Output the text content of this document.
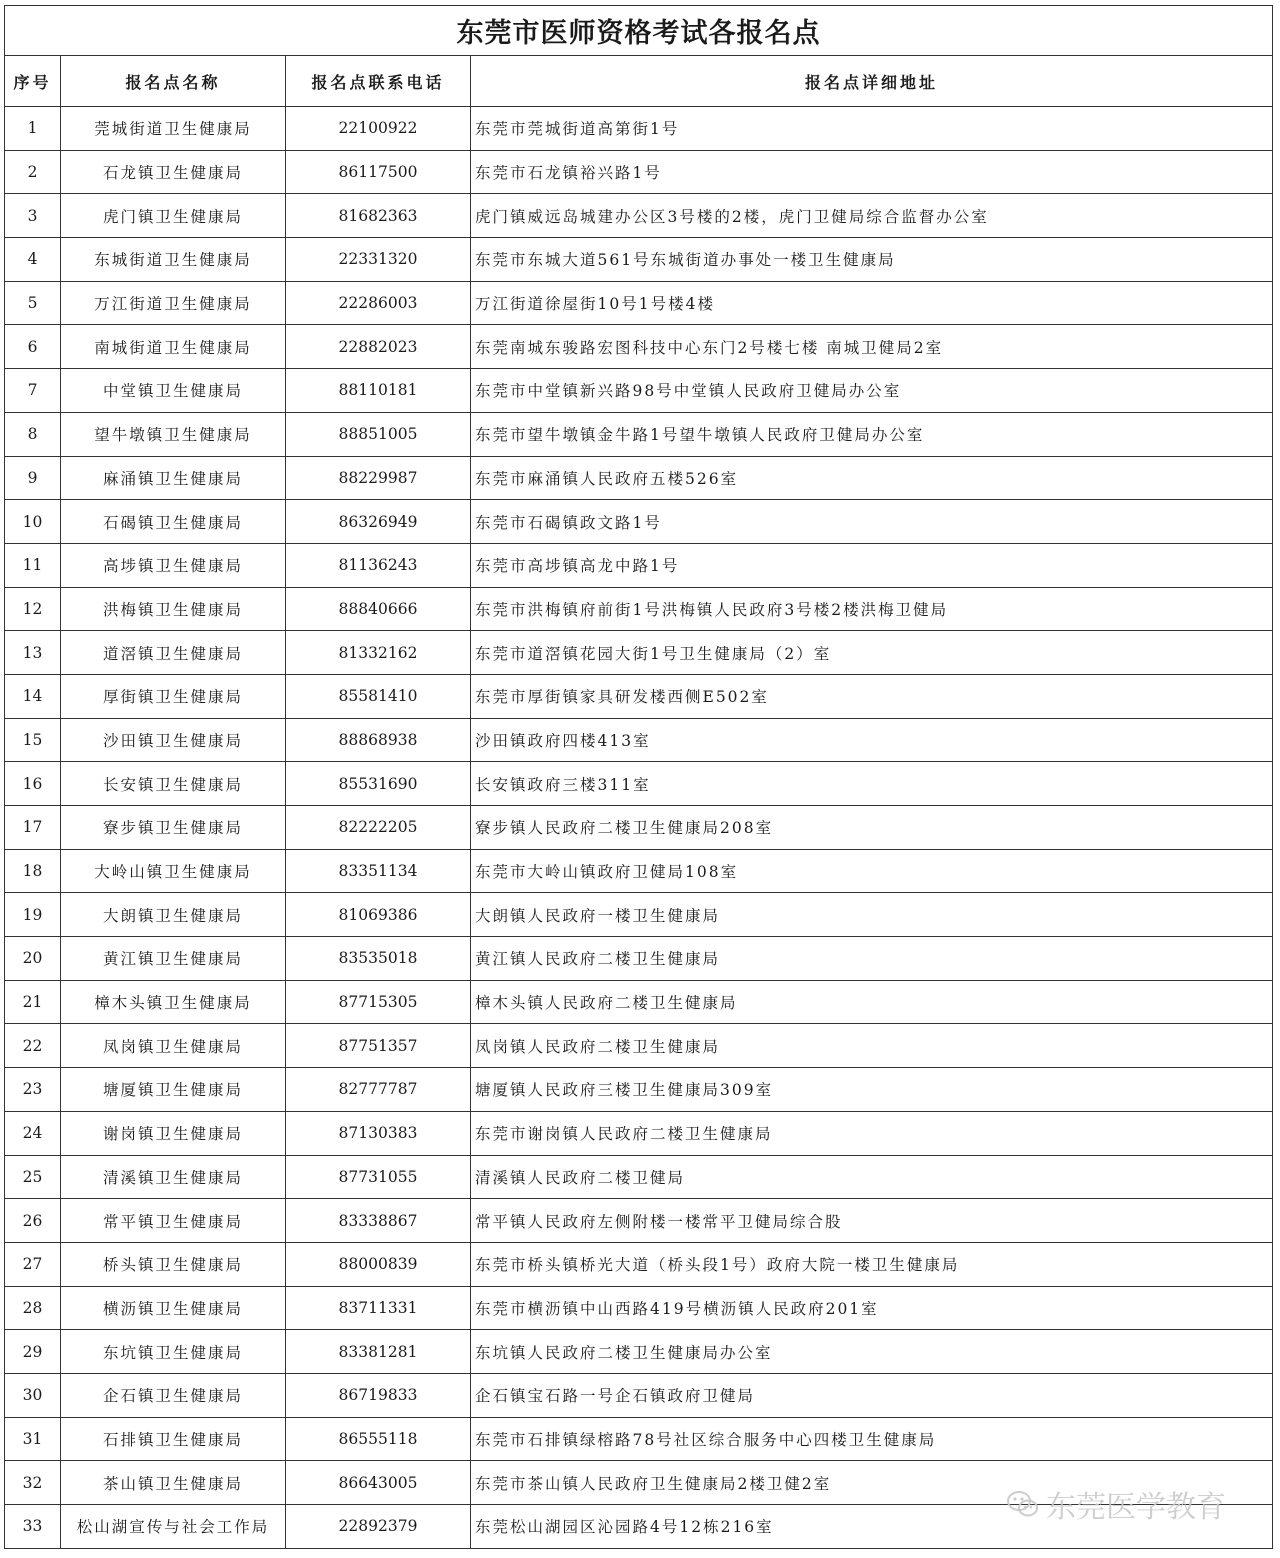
东莞市医师资格考试各报名点			
序号	报名点名称	报名点联系电话	报名点详细地址
1	莞城街道卫生健康局	22100922	东莞市莞城街道高第街1号
2	石龙镇卫生健康局	86117500	东莞市石龙镇裕兴路1号
3	虎门镇卫生健康局	81682363	虎门镇威远岛城建办公区3号楼的2楼，虎门卫健局综合监督办公室
4	东城街道卫生健康局	22331320	东莞市东城大道561号东城街道办事处一楼卫生健康局
5	万江街道卫生健康局	22286003	万江街道徐屋街10号1号楼4楼
6	南城街道卫生健康局	22882023	东莞南城东骏路宏图科技中心东门2号楼七楼 南城卫健局2室
7	中堂镇卫生健康局	88110181	东莞市中堂镇新兴路98号中堂镇人民政府卫健局办公室
8	望牛墩镇卫生健康局	88851005	东莞市望牛墩镇金牛路1号望牛墩镇人民政府卫健局办公室
9	麻涌镇卫生健康局	88229987	东莞市麻涌镇人民政府五楼526室
10	石碣镇卫生健康局	86326949	东莞市石碣镇政文路1号
11	高埗镇卫生健康局	81136243	东莞市高埗镇高龙中路1号
12	洪梅镇卫生健康局	88840666	东莞市洪梅镇府前街1号洪梅镇人民政府3号楼2楼洪梅卫健局
13	道滘镇卫生健康局	81332162	东莞市道滘镇花园大街1号卫生健康局（2）室
14	厚街镇卫生健康局	85581410	东莞市厚街镇家具研发楼西侧E502室
15	沙田镇卫生健康局	88868938	沙田镇政府四楼413室
16	长安镇卫生健康局	85531690	长安镇政府三楼311室
17	寮步镇卫生健康局	82222205	寮步镇人民政府二楼卫生健康局208室
18	大岭山镇卫生健康局	83351134	东莞市大岭山镇政府卫健局108室
19	大朗镇卫生健康局	81069386	大朗镇人民政府一楼卫生健康局
20	黄江镇卫生健康局	83535018	黄江镇人民政府二楼卫生健康局
21	樟木头镇卫生健康局	87715305	樟木头镇人民政府二楼卫生健康局
22	凤岗镇卫生健康局	87751357	凤岗镇人民政府二楼卫生健康局
23	塘厦镇卫生健康局	82777787	塘厦镇人民政府三楼卫生健康局309室
24	谢岗镇卫生健康局	87130383	东莞市谢岗镇人民政府二楼卫生健康局
25	清溪镇卫生健康局	87731055	清溪镇人民政府二楼卫健局
26	常平镇卫生健康局	83338867	常平镇人民政府左侧附楼一楼常平卫健局综合股
27	桥头镇卫生健康局	88000839	东莞市桥头镇桥光大道（桥头段1号）政府大院一楼卫生健康局
28	横沥镇卫生健康局	83711331	东莞市横沥镇中山西路419号横沥镇人民政府201室
29	东坑镇卫生健康局	83381281	东坑镇人民政府二楼卫生健康局办公室
30	企石镇卫生健康局	86719833	企石镇宝石路一号企石镇政府卫健局
31	石排镇卫生健康局	86555118	东莞市石排镇绿榕路78号社区综合服务中心四楼卫生健康局
32	茶山镇卫生健康局	86643005	东莞市茶山镇人民政府卫生健康局2楼卫健2室
33	松山湖宣传与社会工作局	22892379	东莞松山湖园区沁园路4号12栋216室
东莞医学教育
